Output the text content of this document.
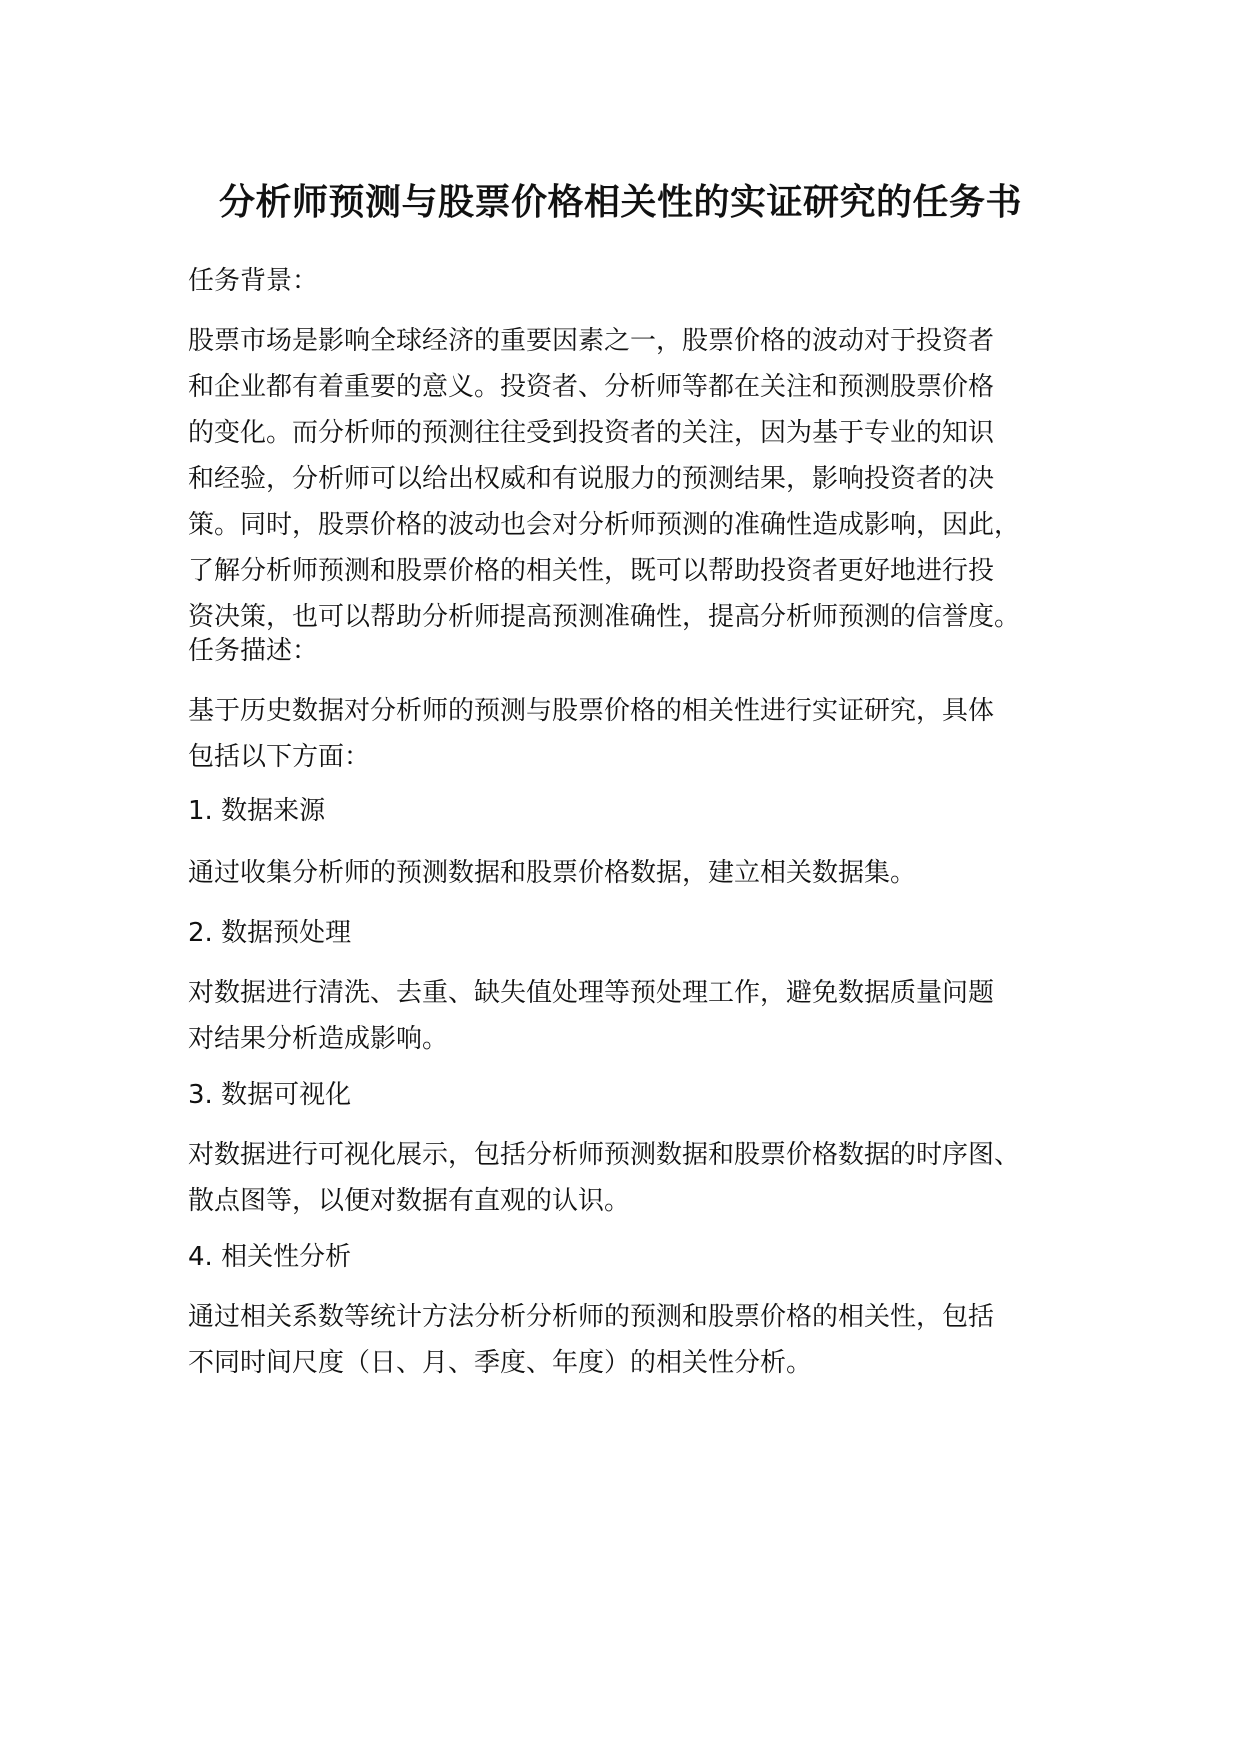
分析师预测与股票价格相关性的实证研究的任务书
任务背景：
股票市场是影响全球经济的重要因素之一，股票价格的波动对于投资者
和企业都有着重要的意义。投资者、分析师等都在关注和预测股票价格
的变化。而分析师的预测往往受到投资者的关注，因为基于专业的知识
和经验，分析师可以给出权威和有说服力的预测结果，影响投资者的决
策。同时，股票价格的波动也会对分析师预测的准确性造成影响，因此，
了解分析师预测和股票价格的相关性，既可以帮助投资者更好地进行投
资决策，也可以帮助分析师提高预测准确性，提高分析师预测的信誉度。
任务描述：
基于历史数据对分析师的预测与股票价格的相关性进行实证研究，具体
包括以下方面：
1. 数据来源
通过收集分析师的预测数据和股票价格数据，建立相关数据集。
2. 数据预处理
对数据进行清洗、去重、缺失值处理等预处理工作，避免数据质量问题
对结果分析造成影响。
3. 数据可视化
对数据进行可视化展示，包括分析师预测数据和股票价格数据的时序图、
散点图等，以便对数据有直观的认识。
4. 相关性分析
通过相关系数等统计方法分析分析师的预测和股票价格的相关性，包括
不同时间尺度（日、月、季度、年度）的相关性分析。
